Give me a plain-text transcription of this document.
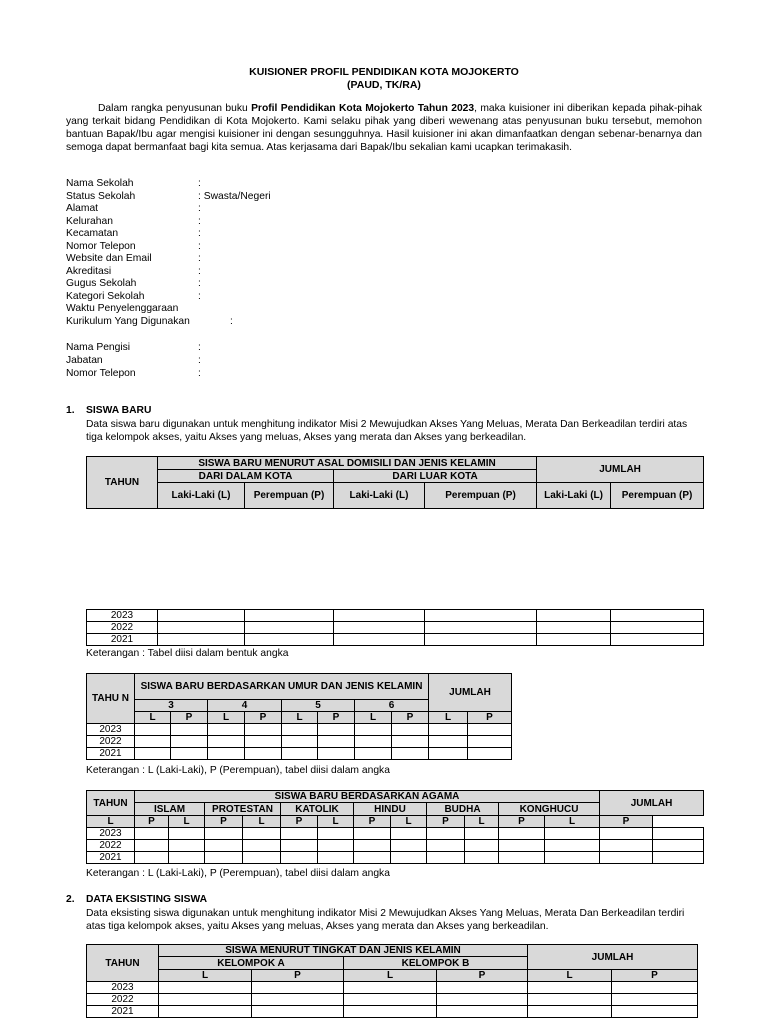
KUISIONER PROFIL PENDIDIKAN KOTA MOJOKERTO
(PAUD, TK/RA)
Dalam rangka penyusunan buku Profil Pendidikan Kota Mojokerto Tahun 2023, maka kuisioner ini diberikan kepada pihak-pihak yang terkait bidang Pendidikan di Kota Mojokerto. Kami selaku pihak yang diberi wewenang atas penyusunan buku tersebut, memohon bantuan Bapak/Ibu agar mengisi kuisioner ini dengan sesungguhnya. Hasil kuisioner ini akan dimanfaatkan dengan sebenar-benarnya dan semoga dapat bermanfaat bagi kita semua. Atas kerjasama dari Bapak/Ibu sekalian kami ucapkan terimakasih.
Nama Sekolah	:
Status Sekolah	: Swasta/Negeri
Alamat	:
Kelurahan	:
Kecamatan	:
Nomor Telepon	:
Website dan Email	:
Akreditasi	:
Gugus Sekolah	:
Kategori Sekolah	:
Waktu Penyelenggaraan
Kurikulum Yang Digunakan	:
Nama Pengisi	:
Jabatan	:
Nomor Telepon	:
1. SISWA BARU
Data siswa baru digunakan untuk menghitung indikator Misi 2 Mewujudkan Akses Yang Meluas, Merata Dan Berkeadilan terdiri atas tiga kelompok akses, yaitu Akses yang meluas, Akses yang merata dan Akses yang berkeadilan.
TAHUN	SISWA BARU MENURUT ASAL DOMISILI DAN JENIS KELAMIN				JUMLAH	
	DARI DALAM KOTA		DARI LUAR KOTA			
	Laki-Laki (L)	Perempuan (P)	Laki-Laki (L)	Perempuan (P)	Laki-Laki (L)	Perempuan (P)
2023						
2022						
2021						
Keterangan : Tabel diisi dalam bentuk angka
TAHU N	SISWA BARU BERDASARKAN UMUR DAN JENIS KELAMIN								JUMLAH	
	3		4		5		6			
	L	P	L	P	L	P	L	P	L	P
2023										
2022										
2021										
Keterangan : L (Laki-Laki), P (Perempuan), tabel diisi dalam angka
TAHUN	SISWA BARU BERDASARKAN AGAMA												JUMLAH	
	ISLAM		PROTESTAN		KATOLIK		HINDU		BUDHA		KONGHUCU			
L	P	L	P	L	P	L	P	L	P	L	P	L	P	
2023														
2022														
2021														
Keterangan : L (Laki-Laki), P (Perempuan), tabel diisi dalam angka
2. DATA EKSISTING SISWA
Data eksisting siswa digunakan untuk menghitung indikator Misi 2 Mewujudkan Akses Yang Meluas, Merata Dan Berkeadilan terdiri atas tiga kelompok akses, yaitu Akses yang meluas, Akses yang merata dan Akses yang berkeadilan.
TAHUN	SISWA MENURUT TINGKAT DAN JENIS KELAMIN				JUMLAH	
	KELOMPOK A		KELOMPOK B			
	L	P	L	P	L	P
2023						
2022						
2021						
